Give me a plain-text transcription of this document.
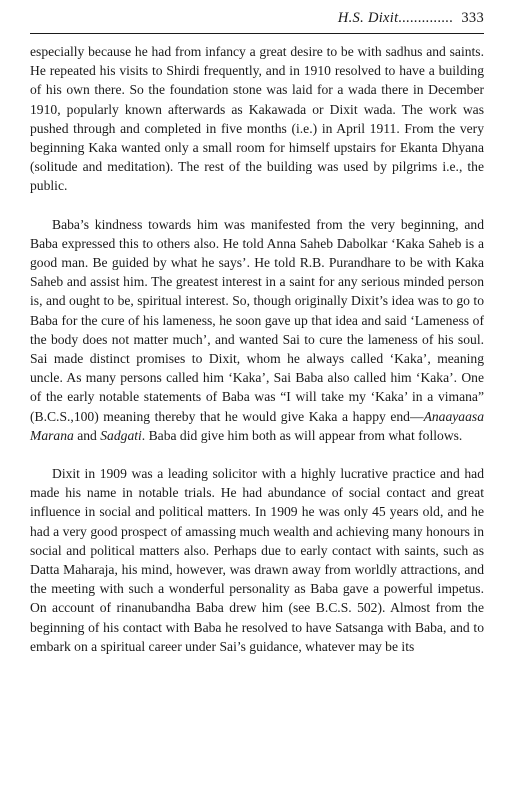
H.S. Dixit.............. 333

especially because he had from infancy a great desire to be with sadhus and saints. He repeated his visits to Shirdi frequently, and in 1910 resolved to have a building of his own there. So the foundation stone was laid for a wada there in December 1910, popularly known afterwards as Kakawada or Dixit wada. The work was pushed through and completed in five months (i.e.) in April 1911. From the very beginning Kaka wanted only a small room for himself upstairs for Ekanta Dhyana (solitude and meditation). The rest of the building was used by pilgrims i.e., the public.

Baba’s kindness towards him was manifested from the very beginning, and Baba expressed this to others also. He told Anna Saheb Dabolkar ‘Kaka Saheb is a good man. Be guided by what he says’. He told R.B. Purandhare to be with Kaka Saheb and assist him. The greatest interest in a saint for any serious minded person is, and ought to be, spiritual interest. So, though originally Dixit’s idea was to go to Baba for the cure of his lameness, he soon gave up that idea and said ‘Lameness of the body does not matter much’, and wanted Sai to cure the lameness of his soul. Sai made distinct promises to Dixit, whom he always called ‘Kaka’, meaning uncle. As many persons called him ‘Kaka’, Sai Baba also called him ‘Kaka’. One of the early notable statements of Baba was “I will take my ‘Kaka’ in a vimana” (B.C.S.,100) meaning thereby that he would give Kaka a happy end—Anaayaasa Marana and Sadgati. Baba did give him both as will appear from what follows.

Dixit in 1909 was a leading solicitor with a highly lucrative practice and had made his name in notable trials. He had abundance of social contact and great influence in social and political matters. In 1909 he was only 45 years old, and he had a very good prospect of amassing much wealth and achieving many honours in social and political matters also. Perhaps due to early contact with saints, such as Datta Maharaja, his mind, however, was drawn away from worldly attractions, and the meeting with such a wonderful personality as Baba gave a powerful impetus. On account of rinanubandha Baba drew him (see B.C.S. 502). Almost from the beginning of his contact with Baba he resolved to have Satsanga with Baba, and to embark on a spiritual career under Sai’s guidance, whatever may be its
